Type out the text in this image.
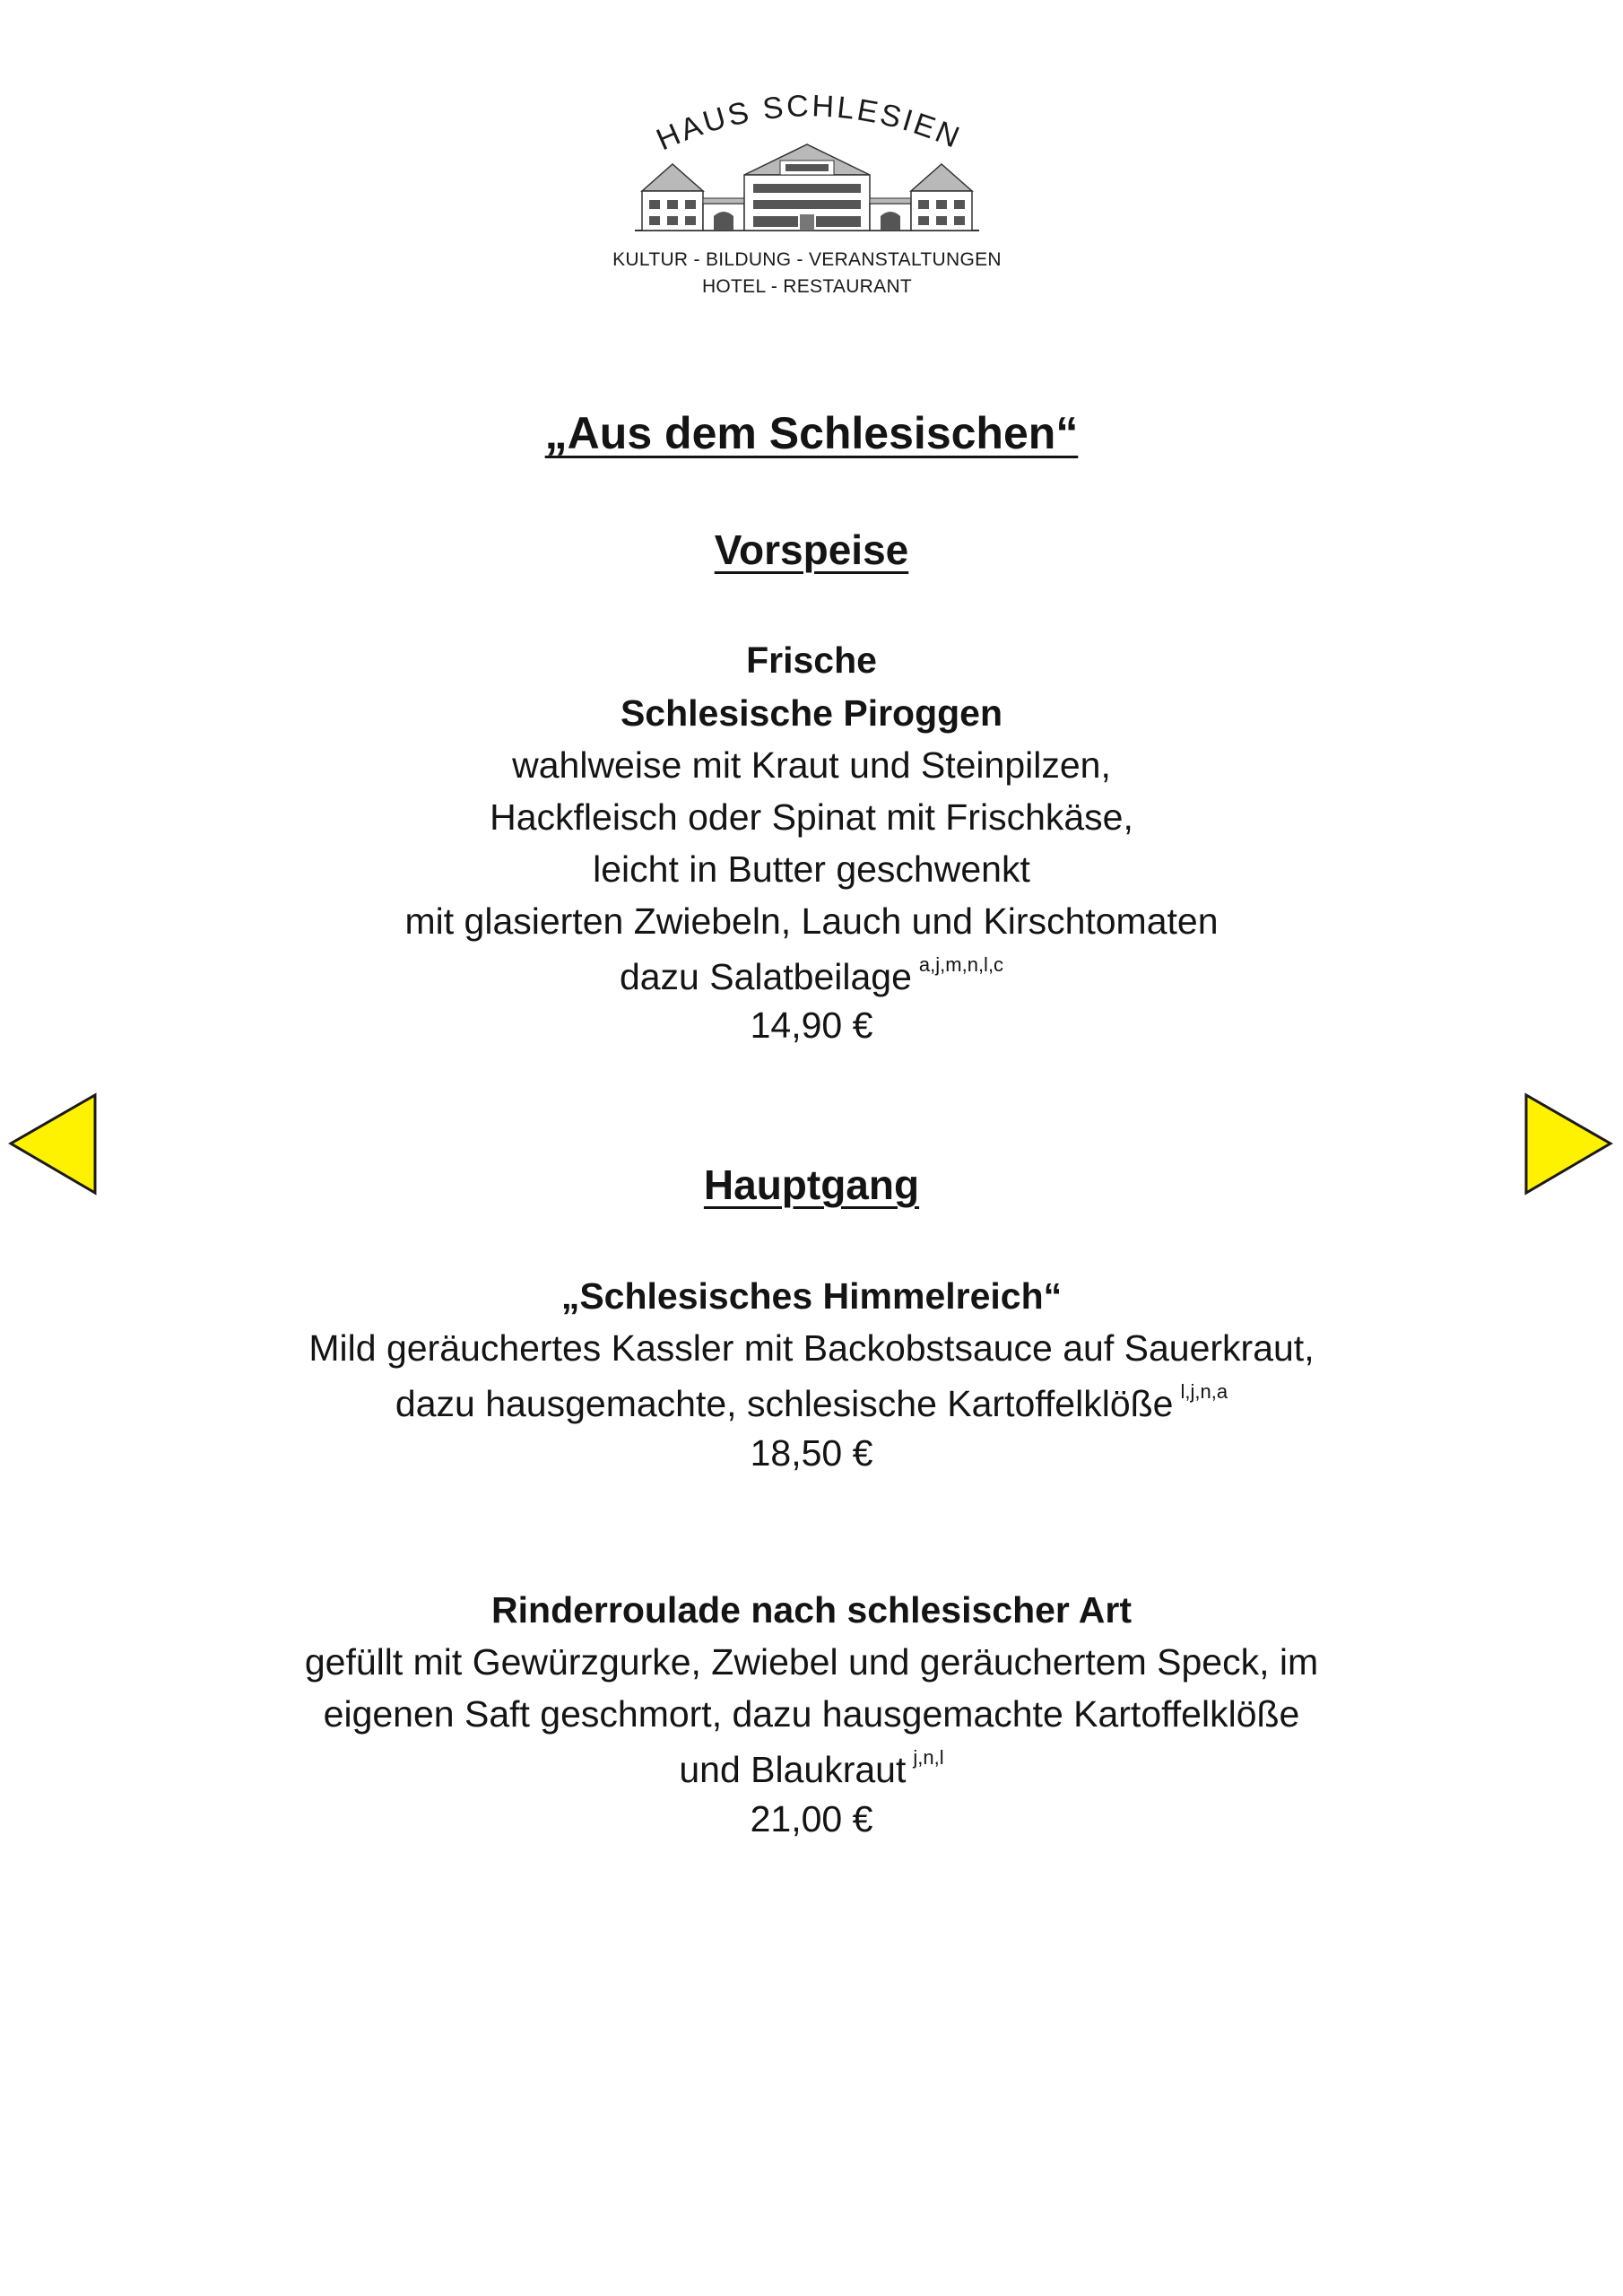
HAUS SCHLESIEN
KULTUR - BILDUNG - VERANSTALTUNGEN
HOTEL - RESTAURANT
„Aus dem Schlesischen“
Vorspeise
Frische
Schlesische Piroggen
wahlweise mit Kraut und Steinpilzen,
Hackfleisch oder Spinat mit Frischkäse,
leicht in Butter geschwenkt
mit glasierten Zwiebeln, Lauch und Kirschtomaten
dazu Salatbeilage $^{a,j,m,n,l,c}$
14,90 €
Hauptgang
„Schlesisches Himmelreich“
Mild geräuchertes Kassler mit Backobstsauce auf Sauerkraut,
dazu hausgemachte, schlesische Kartoffelklöße $^{l,j,n,a}$
18,50 €
Rinderroulade nach schlesischer Art
gefüllt mit Gewürzgurke, Zwiebel und geräuchertem Speck, im
eigenen Saft geschmort, dazu hausgemachte Kartoffelklöße
und Blaukraut $^{j,n,l}$
21,00 €
